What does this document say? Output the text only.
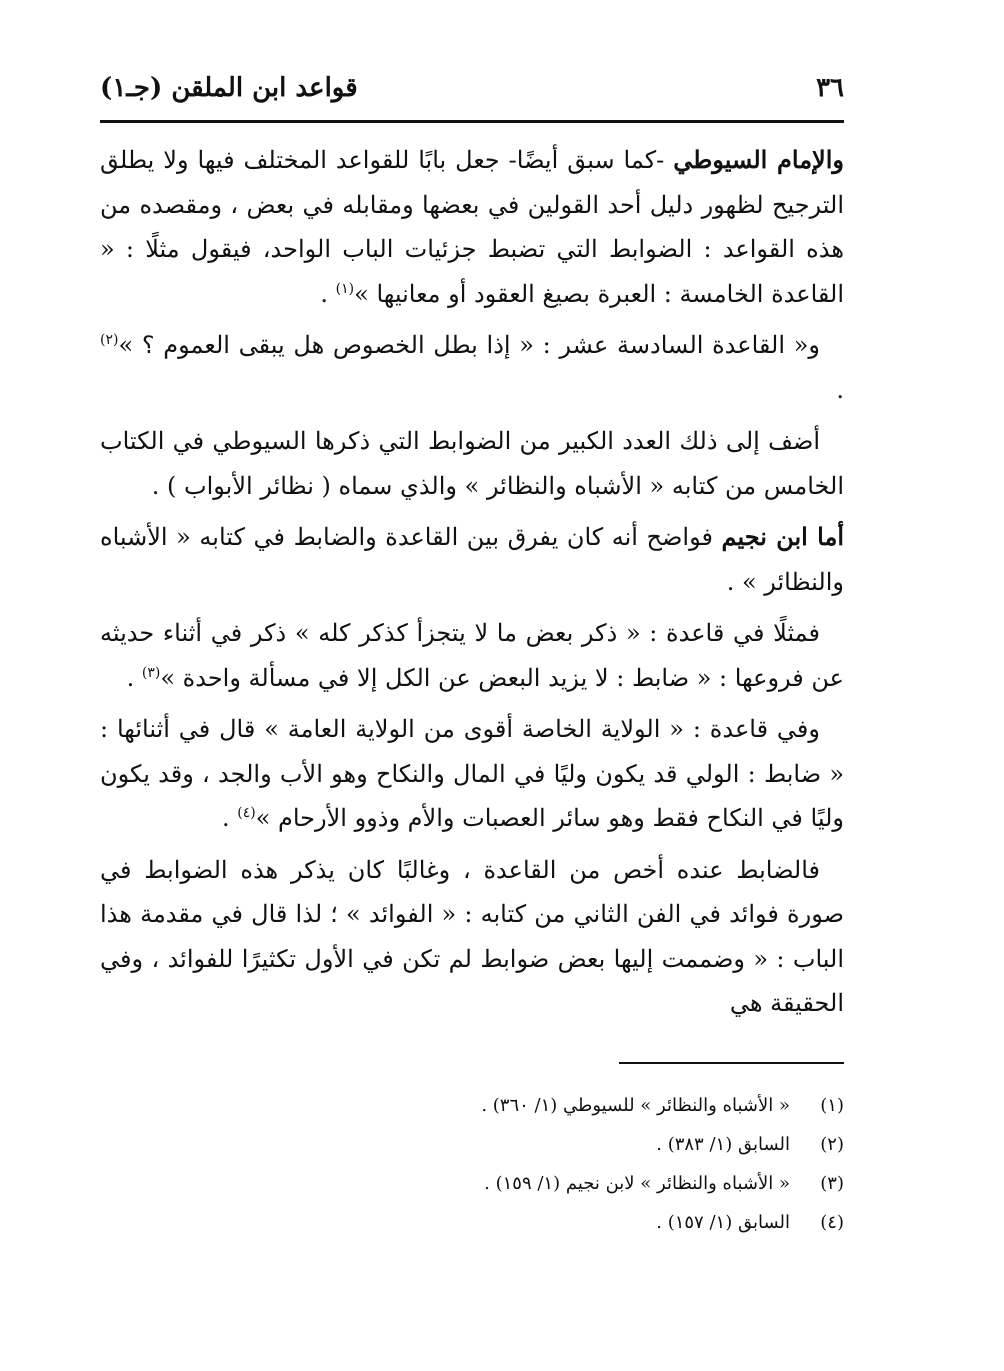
٣٦
قواعد ابن الملقن (جـ١)

والإمام السيوطي -كما سبق أيضًا- جعل بابًا للقواعد المختلف فيها ولا يطلق الترجيح لظهور دليل أحد القولين في بعضها ومقابله في بعض ، ومقصده من هذه القواعد : الضوابط التي تضبط جزئيات الباب الواحد، فيقول مثلًا : « القاعدة الخامسة : العبرة بصيغ العقود أو معانيها »$^{(١)}$ .

و« القاعدة السادسة عشر : « إذا بطل الخصوص هل يبقى العموم ؟ »$^{(٢)}$ .

أضف إلى ذلك العدد الكبير من الضوابط التي ذكرها السيوطي في الكتاب الخامس من كتابه « الأشباه والنظائر » والذي سماه ( نظائر الأبواب ) .

أما ابن نجيم فواضح أنه كان يفرق بين القاعدة والضابط في كتابه « الأشباه والنظائر » .

فمثلًا في قاعدة : « ذكر بعض ما لا يتجزأ كذكر كله » ذكر في أثناء حديثه عن فروعها : « ضابط : لا يزيد البعض عن الكل إلا في مسألة واحدة »$^{(٣)}$ .

وفي قاعدة : « الولاية الخاصة أقوى من الولاية العامة » قال في أثنائها : « ضابط : الولي قد يكون وليًا في المال والنكاح وهو الأب والجد ، وقد يكون وليًا في النكاح فقط وهو سائر العصبات والأم وذوو الأرحام »$^{(٤)}$ .

فالضابط عنده أخص من القاعدة ، وغالبًا كان يذكر هذه الضوابط في صورة فوائد في الفن الثاني من كتابه : « الفوائد » ؛ لذا قال في مقدمة هذا الباب : « وضممت إليها بعض ضوابط لم تكن في الأول تكثيرًا للفوائد ، وفي الحقيقة هي

(١)
« الأشباه والنظائر » للسيوطي (١/ ٣٦٠) .
(٢)
السابق (١/ ٣٨٣) .
(٣)
« الأشباه والنظائر » لابن نجيم (١/ ١٥٩) .
(٤)
السابق (١/ ١٥٧) .
